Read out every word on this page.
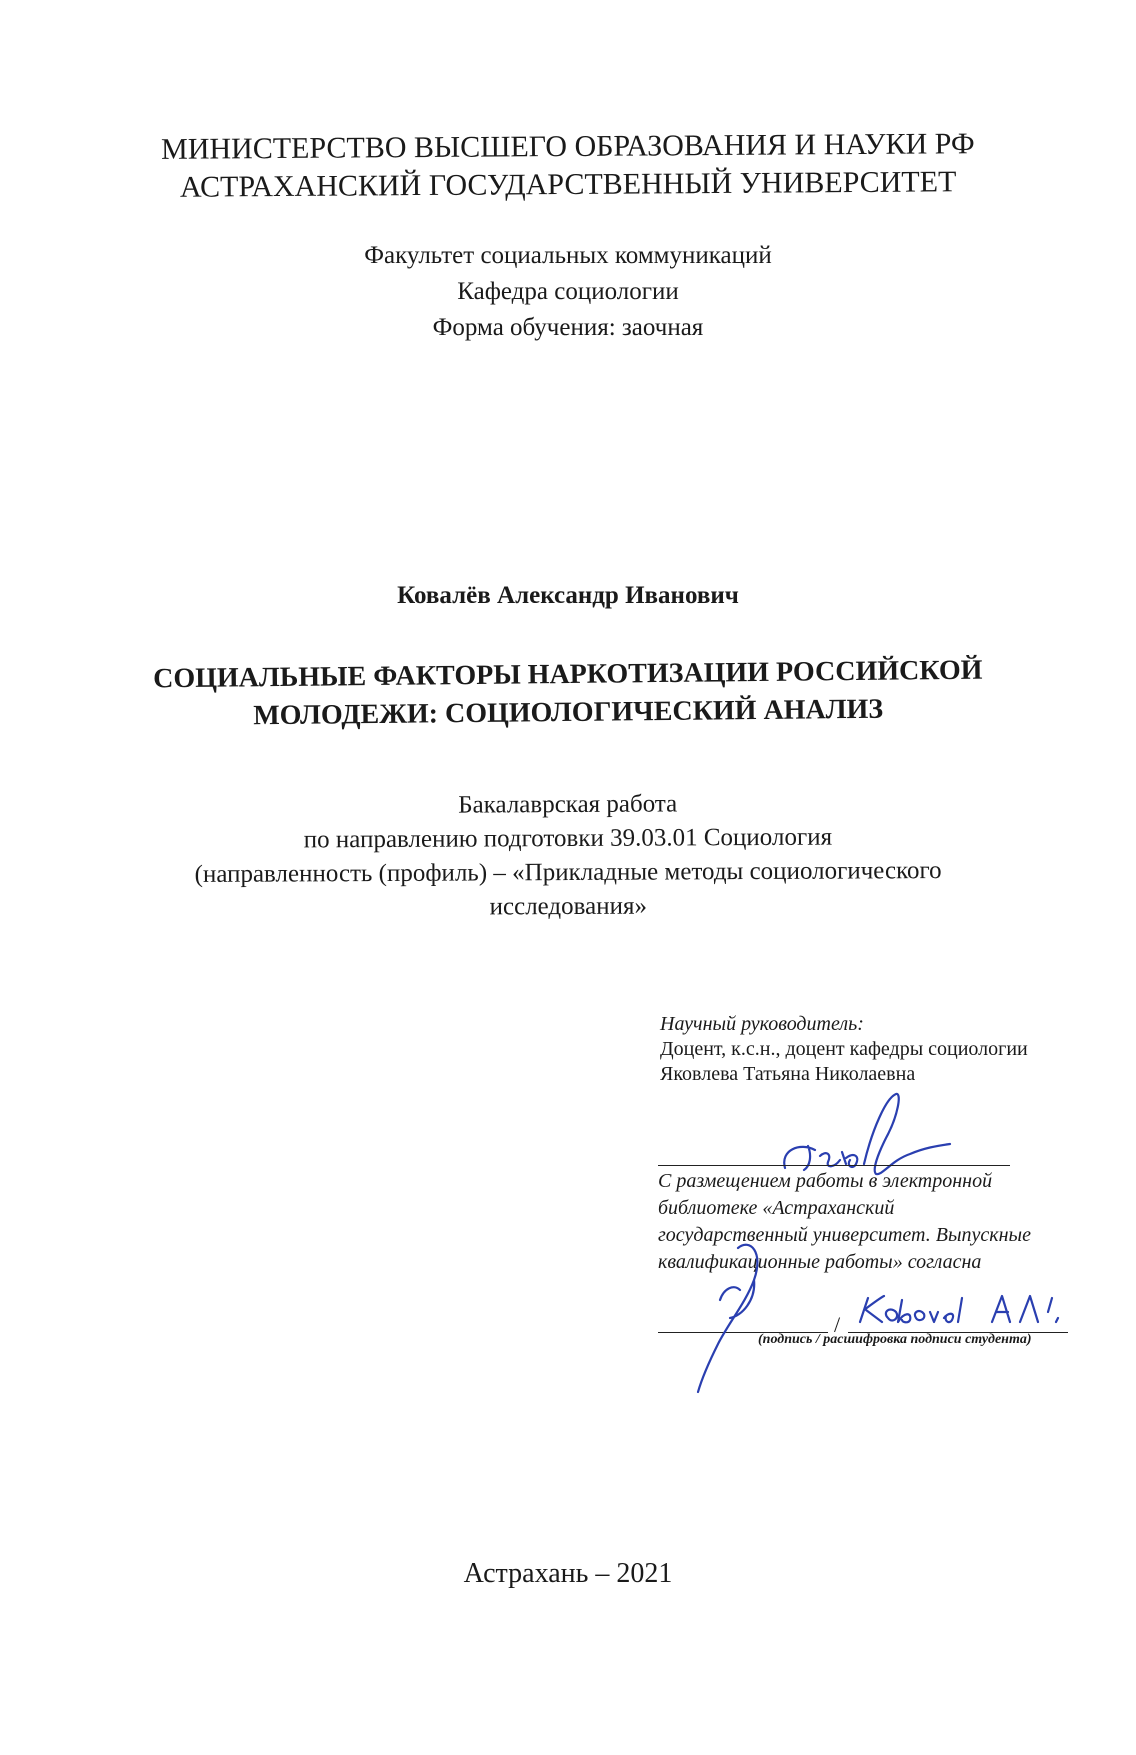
МИНИСТЕРСТВО ВЫСШЕГО ОБРАЗОВАНИЯ И НАУКИ РФ
АСТРАХАНСКИЙ ГОСУДАРСТВЕННЫЙ УНИВЕРСИТЕТ
Факультет социальных коммуникаций
Кафедра социологии
Форма обучения: заочная
Ковалёв Александр Иванович
СОЦИАЛЬНЫЕ ФАКТОРЫ НАРКОТИЗАЦИИ РОССИЙСКОЙ
МОЛОДЕЖИ: СОЦИОЛОГИЧЕСКИЙ АНАЛИЗ
Бакалаврская работа
по направлению подготовки 39.03.01 Социология
(направленность (профиль) – «Прикладные методы социологического
исследования»
Научный руководитель:
Доцент, к.с.н., доцент кафедры социологии
Яковлева Татьяна Николаевна
С размещением работы в электронной
библиотеке «Астраханский
государственный университет. Выпускные
квалификационные работы» согласна
/
(подпись / расшифровка подписи студента)
Астрахань – 2021
